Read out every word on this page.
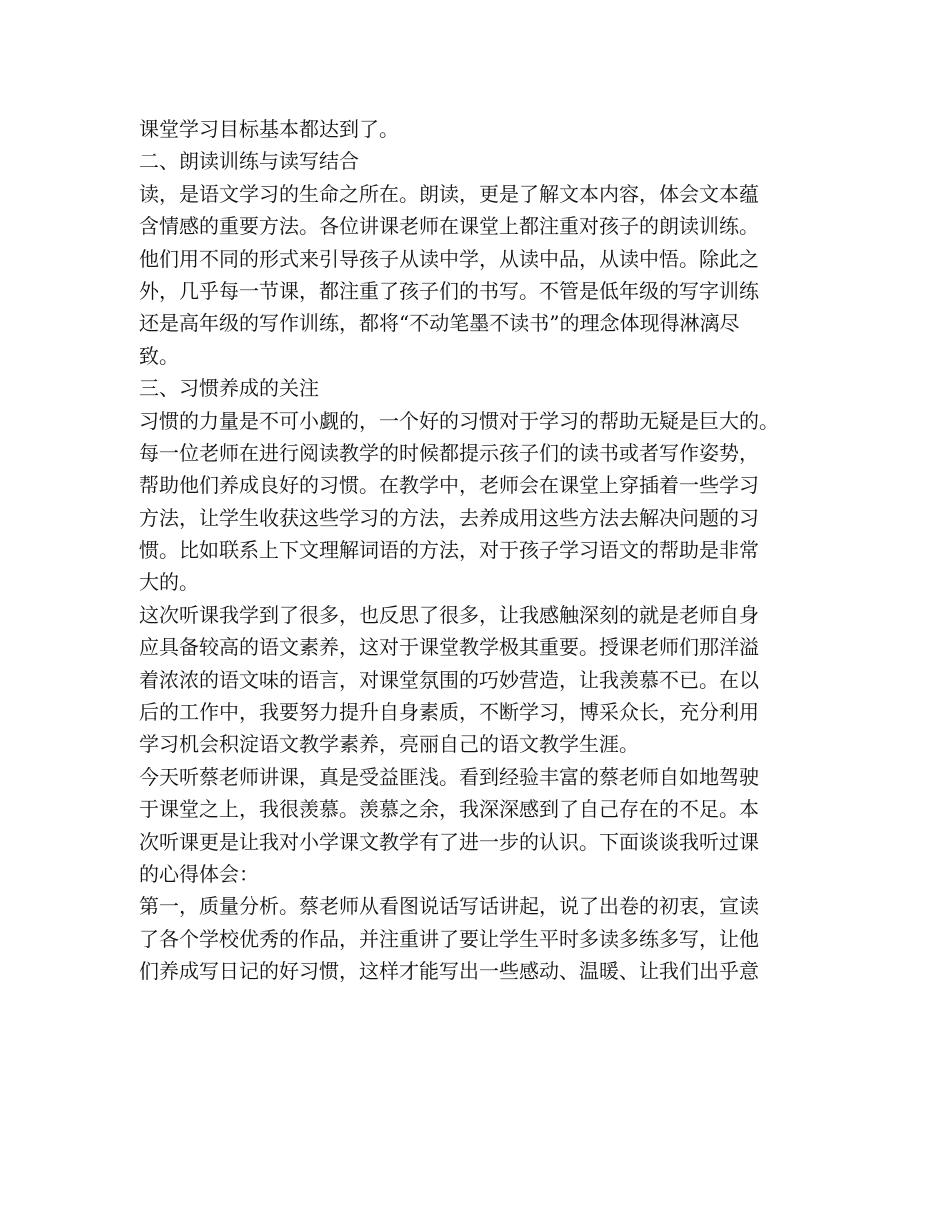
课堂学习目标基本都达到了。
二、朗读训练与读写结合
读，是语文学习的生命之所在。朗读，更是了解文本内容，体会文本蕴
含情感的重要方法。各位讲课老师在课堂上都注重对孩子的朗读训练。
他们用不同的形式来引导孩子从读中学，从读中品，从读中悟。除此之
外，几乎每一节课，都注重了孩子们的书写。不管是低年级的写字训练
还是高年级的写作训练，都将“不动笔墨不读书”的理念体现得淋漓尽
致。
三、习惯养成的关注
习惯的力量是不可小觑的，一个好的习惯对于学习的帮助无疑是巨大的。
每一位老师在进行阅读教学的时候都提示孩子们的读书或者写作姿势，
帮助他们养成良好的习惯。在教学中，老师会在课堂上穿插着一些学习
方法，让学生收获这些学习的方法，去养成用这些方法去解决问题的习
惯。比如联系上下文理解词语的方法，对于孩子学习语文的帮助是非常
大的。
这次听课我学到了很多，也反思了很多，让我感触深刻的就是老师自身
应具备较高的语文素养，这对于课堂教学极其重要。授课老师们那洋溢
着浓浓的语文味的语言，对课堂氛围的巧妙营造，让我羡慕不已。在以
后的工作中，我要努力提升自身素质，不断学习，博采众长，充分利用
学习机会积淀语文教学素养，亮丽自己的语文教学生涯。
今天听蔡老师讲课，真是受益匪浅。看到经验丰富的蔡老师自如地驾驶
于课堂之上，我很羡慕。羡慕之余，我深深感到了自己存在的不足。本
次听课更是让我对小学课文教学有了进一步的认识。下面谈谈我听过课
的心得体会：
第一，质量分析。蔡老师从看图说话写话讲起，说了出卷的初衷，宣读
了各个学校优秀的作品，并注重讲了要让学生平时多读多练多写，让他
们养成写日记的好习惯，这样才能写出一些感动、温暖、让我们出乎意
